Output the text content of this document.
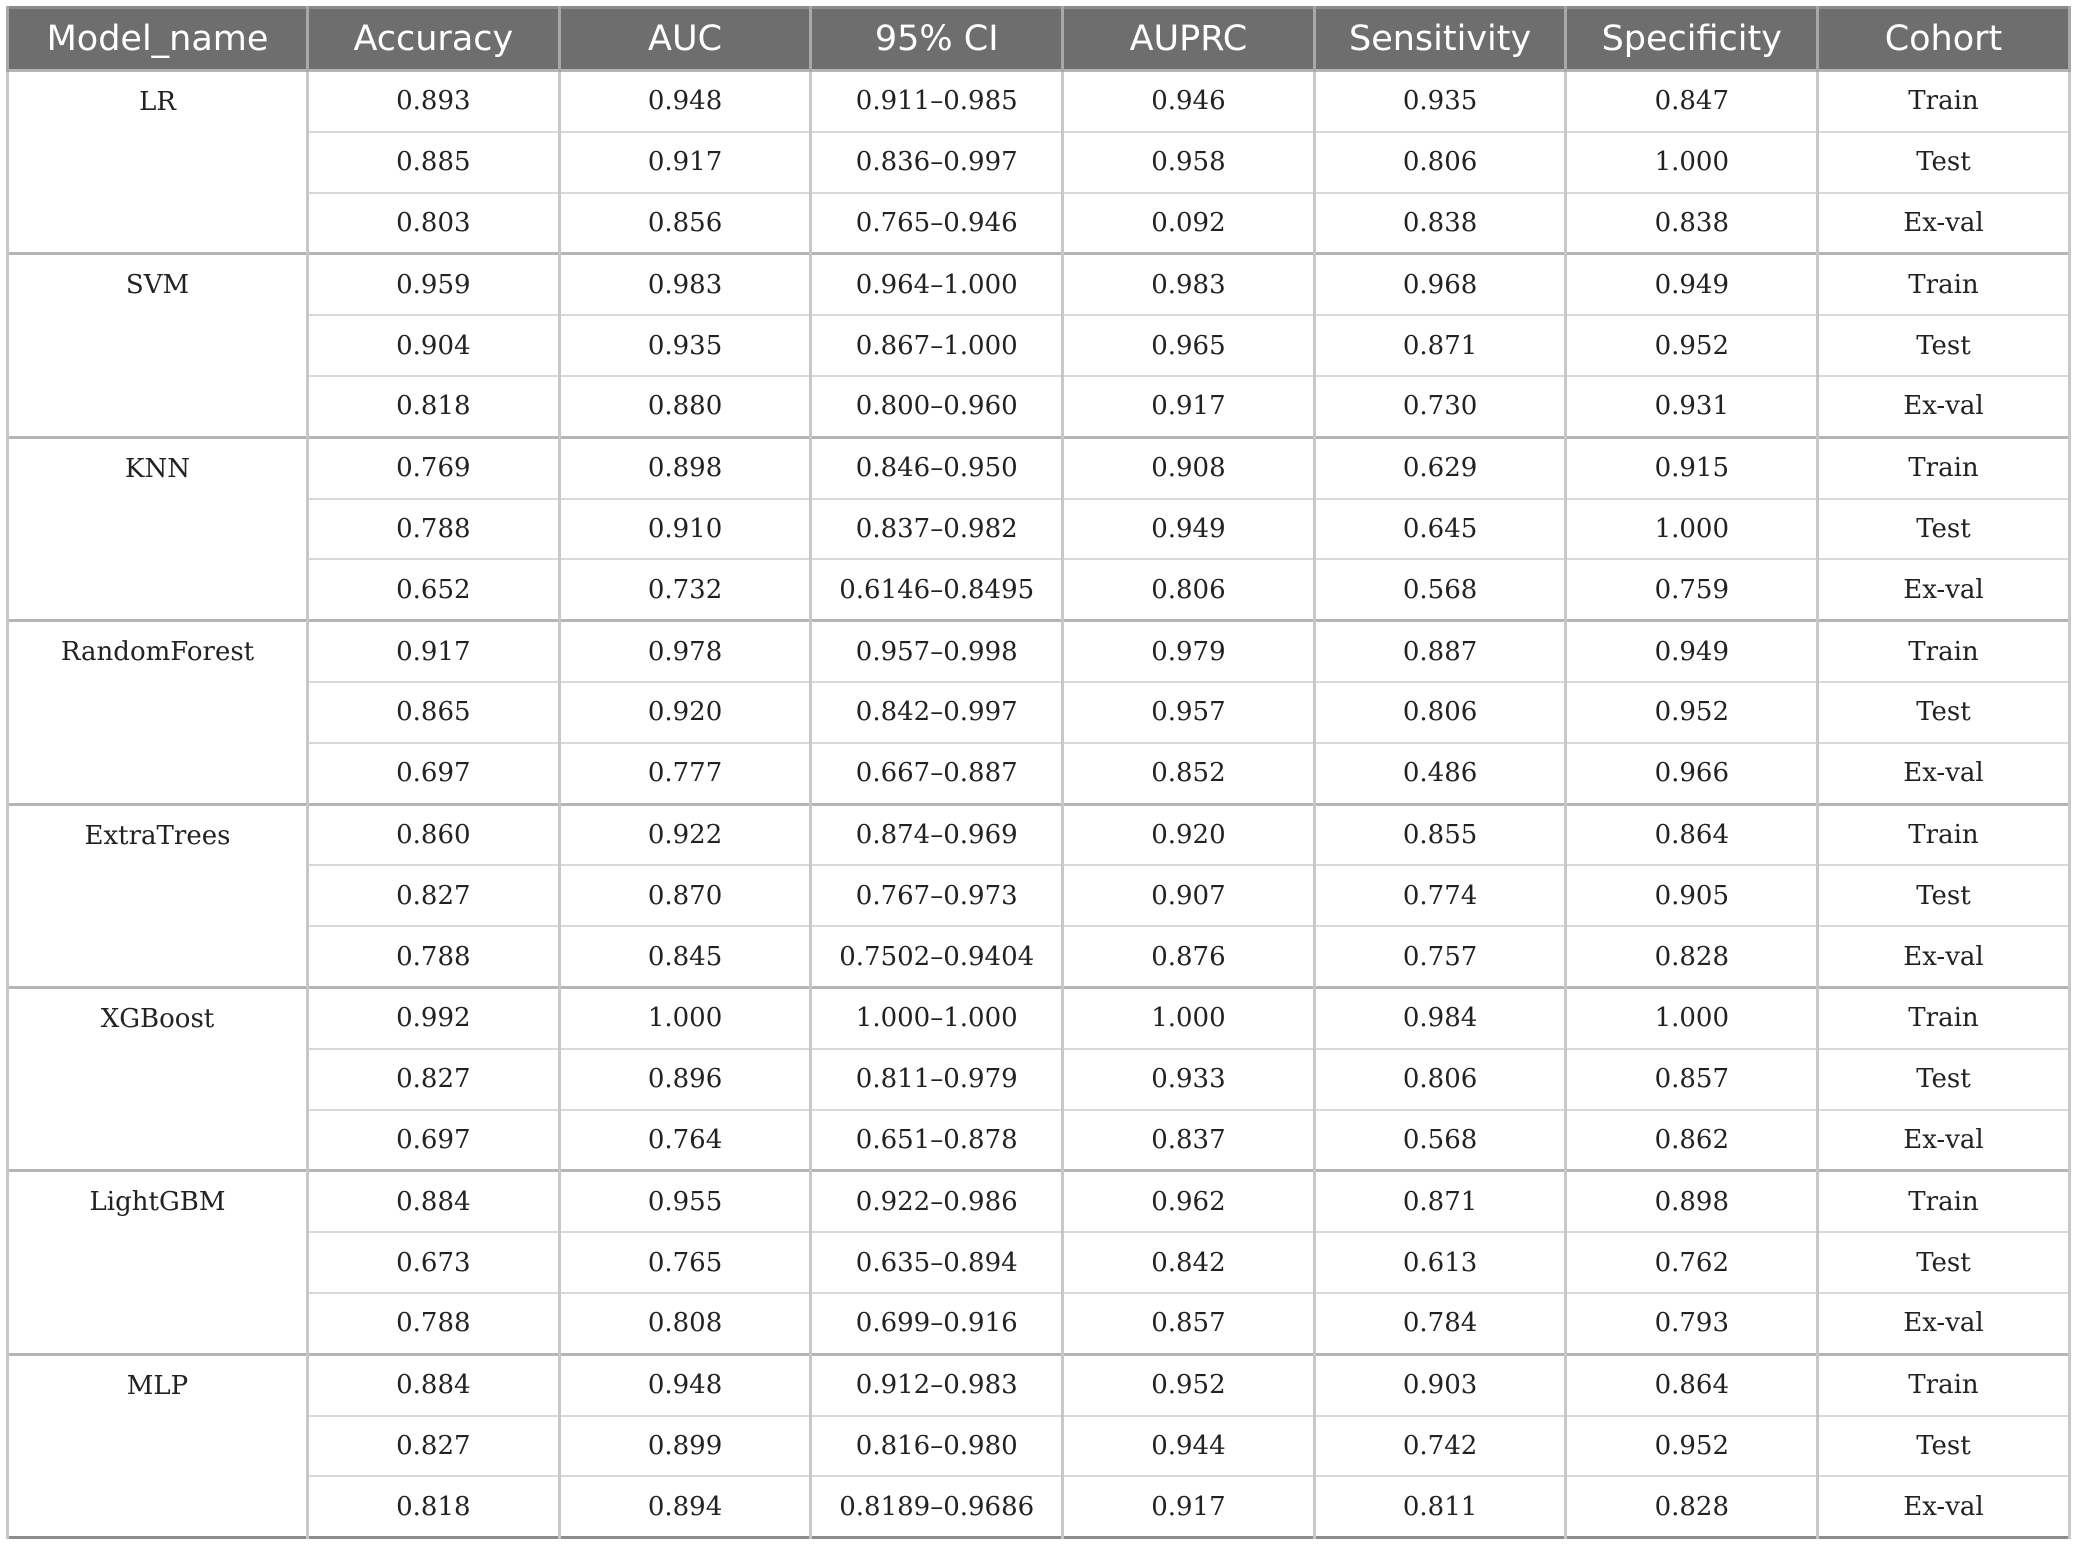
Model_name	Accuracy	AUC	95% CI	AUPRC	Sensitivity	Specificity	Cohort
LR	0.893	0.948	0.911–0.985	0.946	0.935	0.847	Train
	0.885	0.917	0.836–0.997	0.958	0.806	1.000	Test
	0.803	0.856	0.765–0.946	0.092	0.838	0.838	Ex-val
SVM	0.959	0.983	0.964–1.000	0.983	0.968	0.949	Train
	0.904	0.935	0.867–1.000	0.965	0.871	0.952	Test
	0.818	0.880	0.800–0.960	0.917	0.730	0.931	Ex-val
KNN	0.769	0.898	0.846–0.950	0.908	0.629	0.915	Train
	0.788	0.910	0.837–0.982	0.949	0.645	1.000	Test
	0.652	0.732	0.6146–0.8495	0.806	0.568	0.759	Ex-val
RandomForest	0.917	0.978	0.957–0.998	0.979	0.887	0.949	Train
	0.865	0.920	0.842–0.997	0.957	0.806	0.952	Test
	0.697	0.777	0.667–0.887	0.852	0.486	0.966	Ex-val
ExtraTrees	0.860	0.922	0.874–0.969	0.920	0.855	0.864	Train
	0.827	0.870	0.767–0.973	0.907	0.774	0.905	Test
	0.788	0.845	0.7502–0.9404	0.876	0.757	0.828	Ex-val
XGBoost	0.992	1.000	1.000–1.000	1.000	0.984	1.000	Train
	0.827	0.896	0.811–0.979	0.933	0.806	0.857	Test
	0.697	0.764	0.651–0.878	0.837	0.568	0.862	Ex-val
LightGBM	0.884	0.955	0.922–0.986	0.962	0.871	0.898	Train
	0.673	0.765	0.635–0.894	0.842	0.613	0.762	Test
	0.788	0.808	0.699–0.916	0.857	0.784	0.793	Ex-val
MLP	0.884	0.948	0.912–0.983	0.952	0.903	0.864	Train
	0.827	0.899	0.816–0.980	0.944	0.742	0.952	Test
	0.818	0.894	0.8189–0.9686	0.917	0.811	0.828	Ex-val
